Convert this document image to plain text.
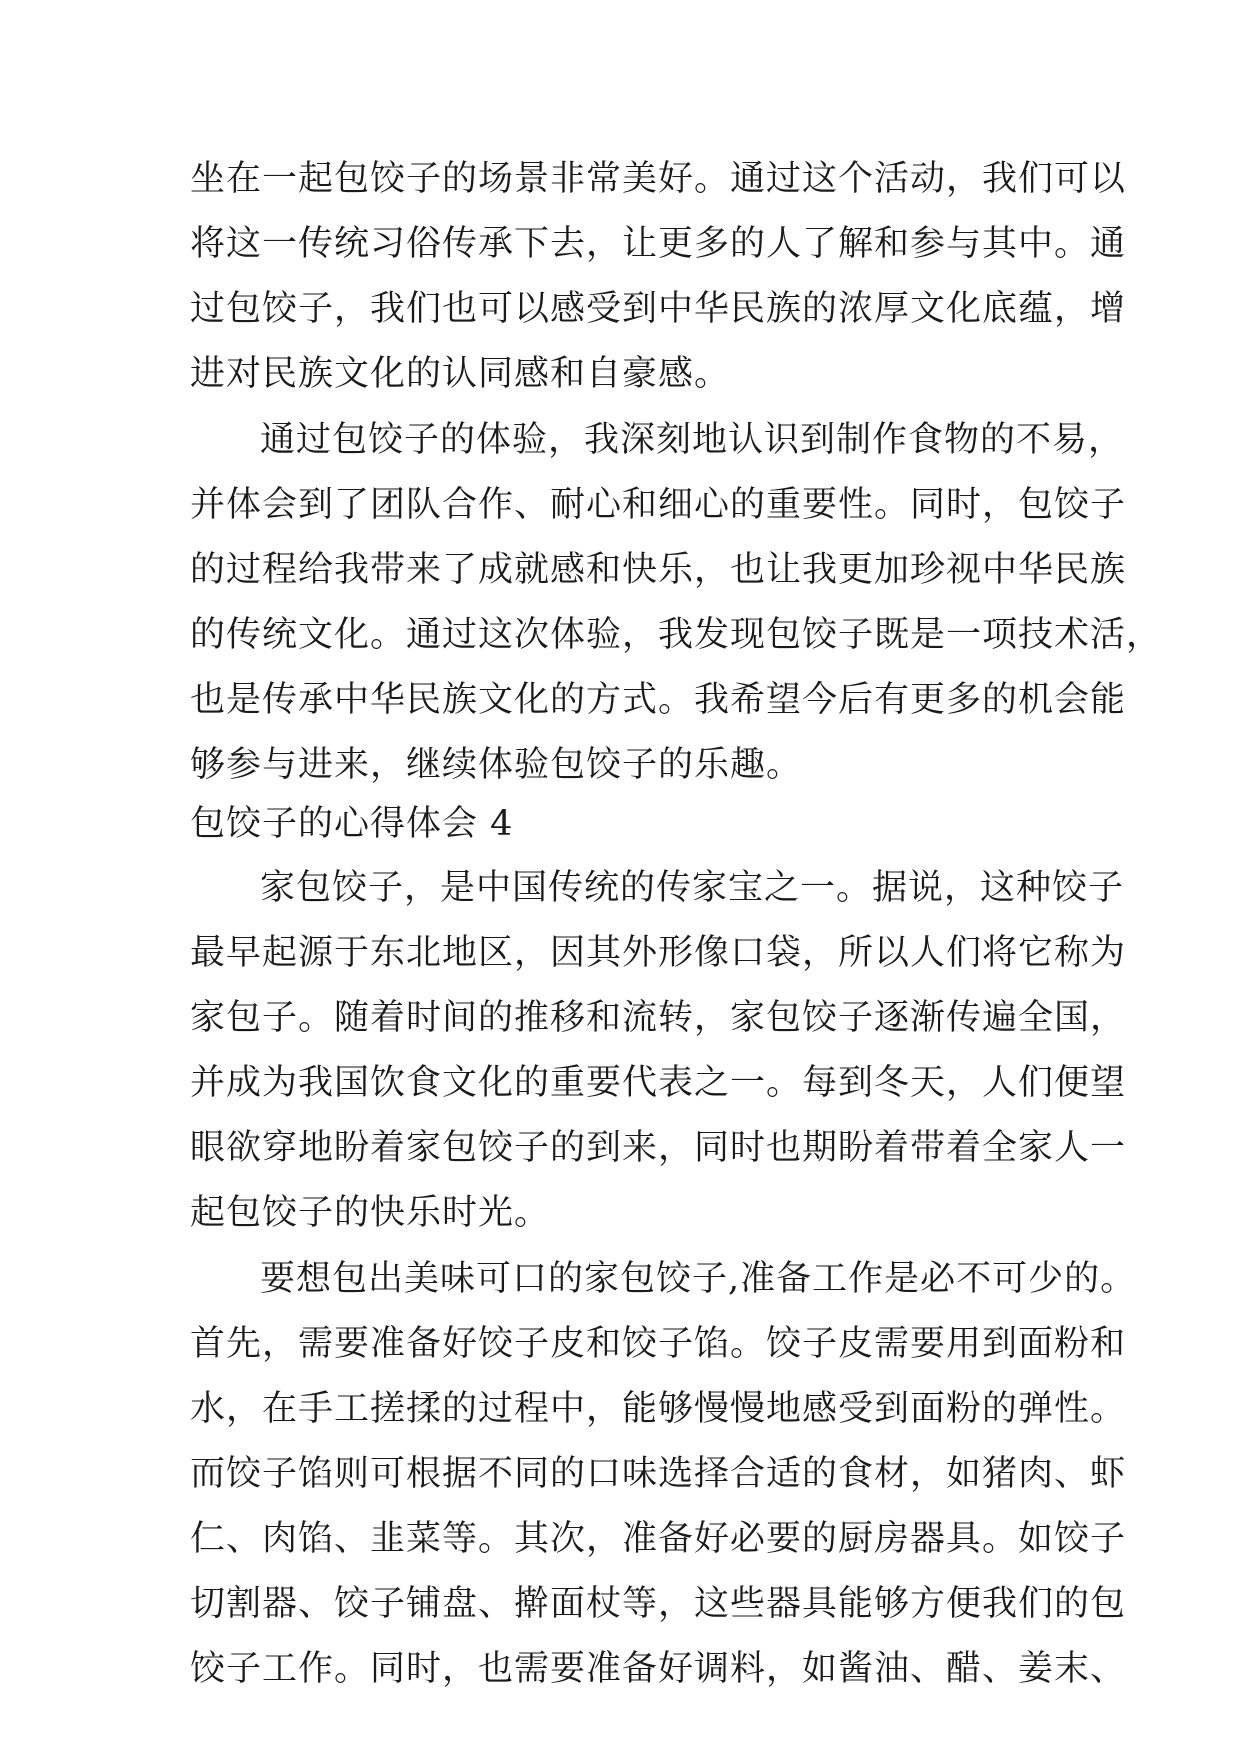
坐在一起包饺子的场景非常美好。通过这个活动，我们可以
将这一传统习俗传承下去，让更多的人了解和参与其中。通
过包饺子，我们也可以感受到中华民族的浓厚文化底蕴，增
进对民族文化的认同感和自豪感。
通过包饺子的体验，我深刻地认识到制作食物的不易，
并体会到了团队合作、耐心和细心的重要性。同时，包饺子
的过程给我带来了成就感和快乐，也让我更加珍视中华民族
的传统文化。通过这次体验，我发现包饺子既是一项技术活，
也是传承中华民族文化的方式。我希望今后有更多的机会能
够参与进来，继续体验包饺子的乐趣。
包饺子的心得体会 4
家包饺子，是中国传统的传家宝之一。据说，这种饺子
最早起源于东北地区，因其外形像口袋，所以人们将它称为
家包子。随着时间的推移和流转，家包饺子逐渐传遍全国，
并成为我国饮食文化的重要代表之一。每到冬天，人们便望
眼欲穿地盼着家包饺子的到来，同时也期盼着带着全家人一
起包饺子的快乐时光。
要想包出美味可口的家包饺子,准备工作是必不可少的。
首先，需要准备好饺子皮和饺子馅。饺子皮需要用到面粉和
水，在手工搓揉的过程中，能够慢慢地感受到面粉的弹性。
而饺子馅则可根据不同的口味选择合适的食材，如猪肉、虾
仁、肉馅、韭菜等。其次，准备好必要的厨房器具。如饺子
切割器、饺子铺盘、擀面杖等，这些器具能够方便我们的包
饺子工作。同时，也需要准备好调料，如酱油、醋、姜末、
